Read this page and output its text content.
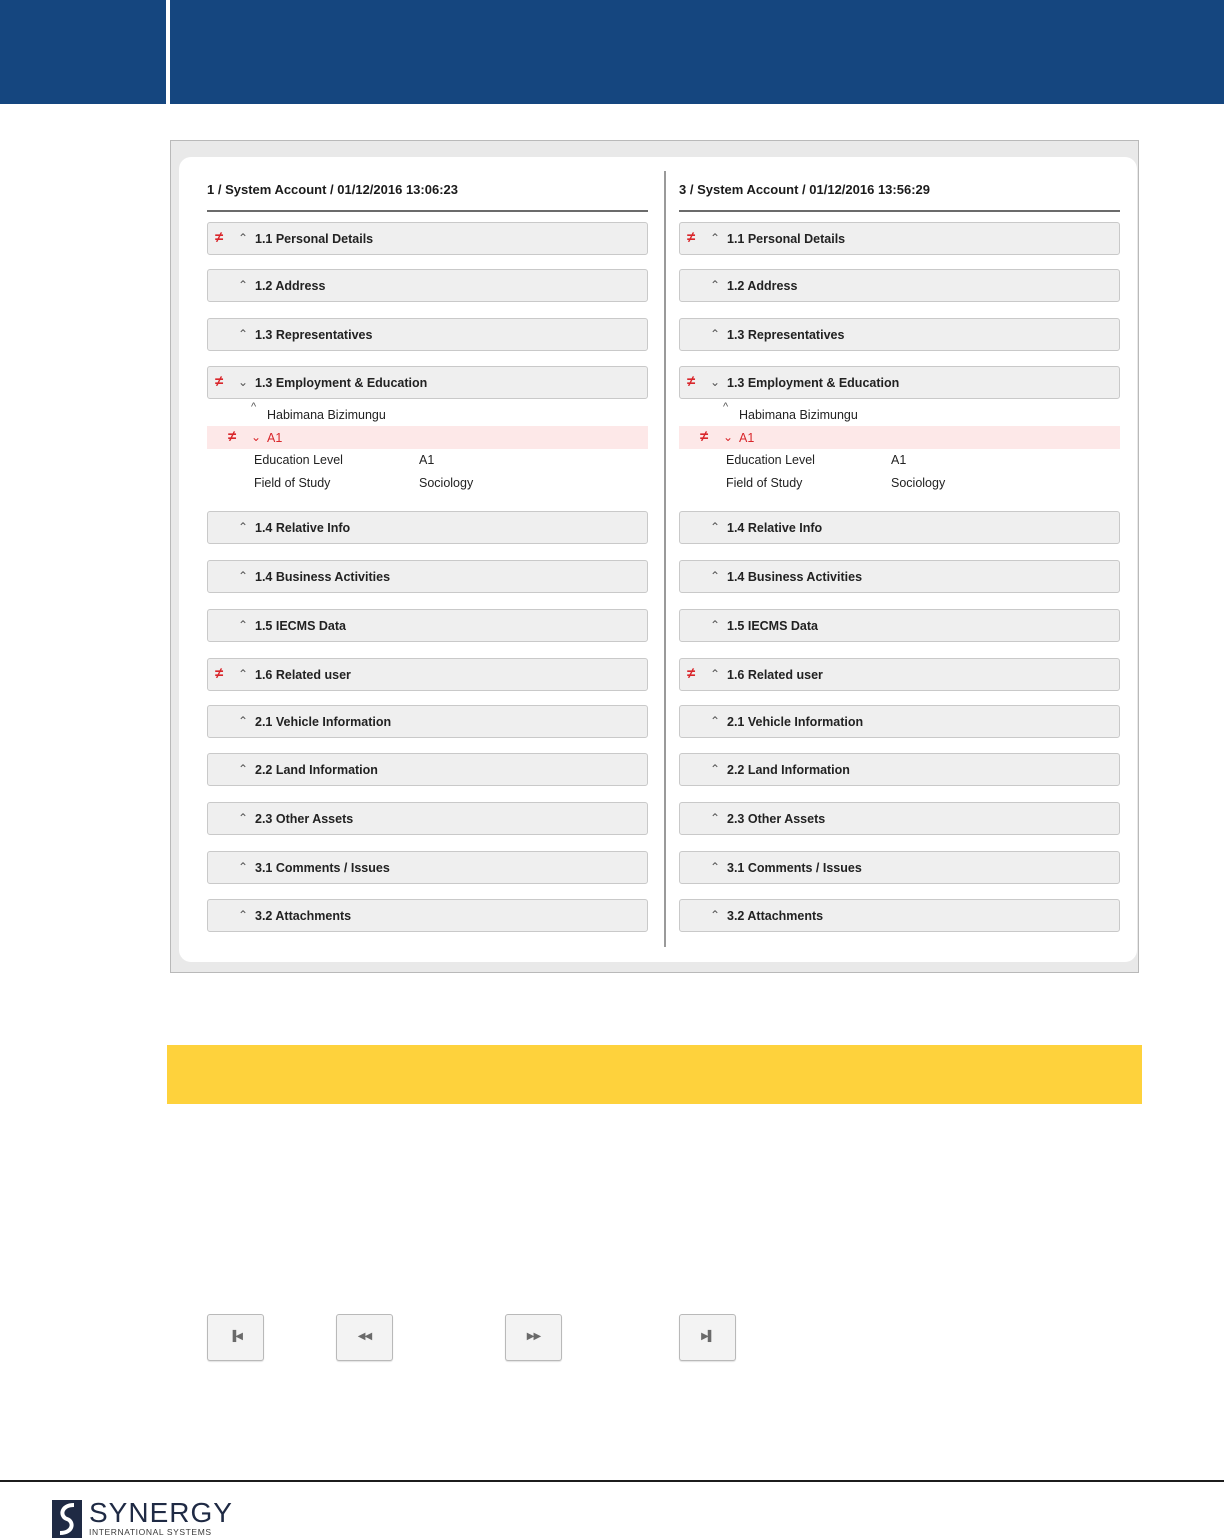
1 / System Account / 01/12/2016 13:06:23
≠ ⌃ 1.1 Personal Details
⌃ 1.2 Address
⌃ 1.3 Representatives
≠ ⌄ 1.3 Employment & Education
⌃ 1.4 Relative Info
⌃ 1.4 Business Activities
⌃ 1.5 IECMS Data
≠ ⌃ 1.6 Related user
⌃ 2.1 Vehicle Information
⌃ 2.2 Land Information
⌃ 2.3 Other Assets
⌃ 3.1 Comments / Issues
⌃ 3.2 Attachments
^
Habimana Bizimungu
≠ ⌄ A1
Education Level	A1
Field of Study	Sociology
3 / System Account / 01/12/2016 13:56:29
≠ ⌃ 1.1 Personal Details
⌃ 1.2 Address
⌃ 1.3 Representatives
≠ ⌄ 1.3 Employment & Education
⌃ 1.4 Relative Info
⌃ 1.4 Business Activities
⌃ 1.5 IECMS Data
≠ ⌃ 1.6 Related user
⌃ 2.1 Vehicle Information
⌃ 2.2 Land Information
⌃ 2.3 Other Assets
⌃ 3.1 Comments / Issues
⌃ 3.2 Attachments
^
Habimana Bizimungu
≠ ⌄ A1
Education Level	A1
Field of Study	Sociology
▐◀	◀◀	▶▶	▶▌
SYNERGY
INTERNATIONAL SYSTEMS
